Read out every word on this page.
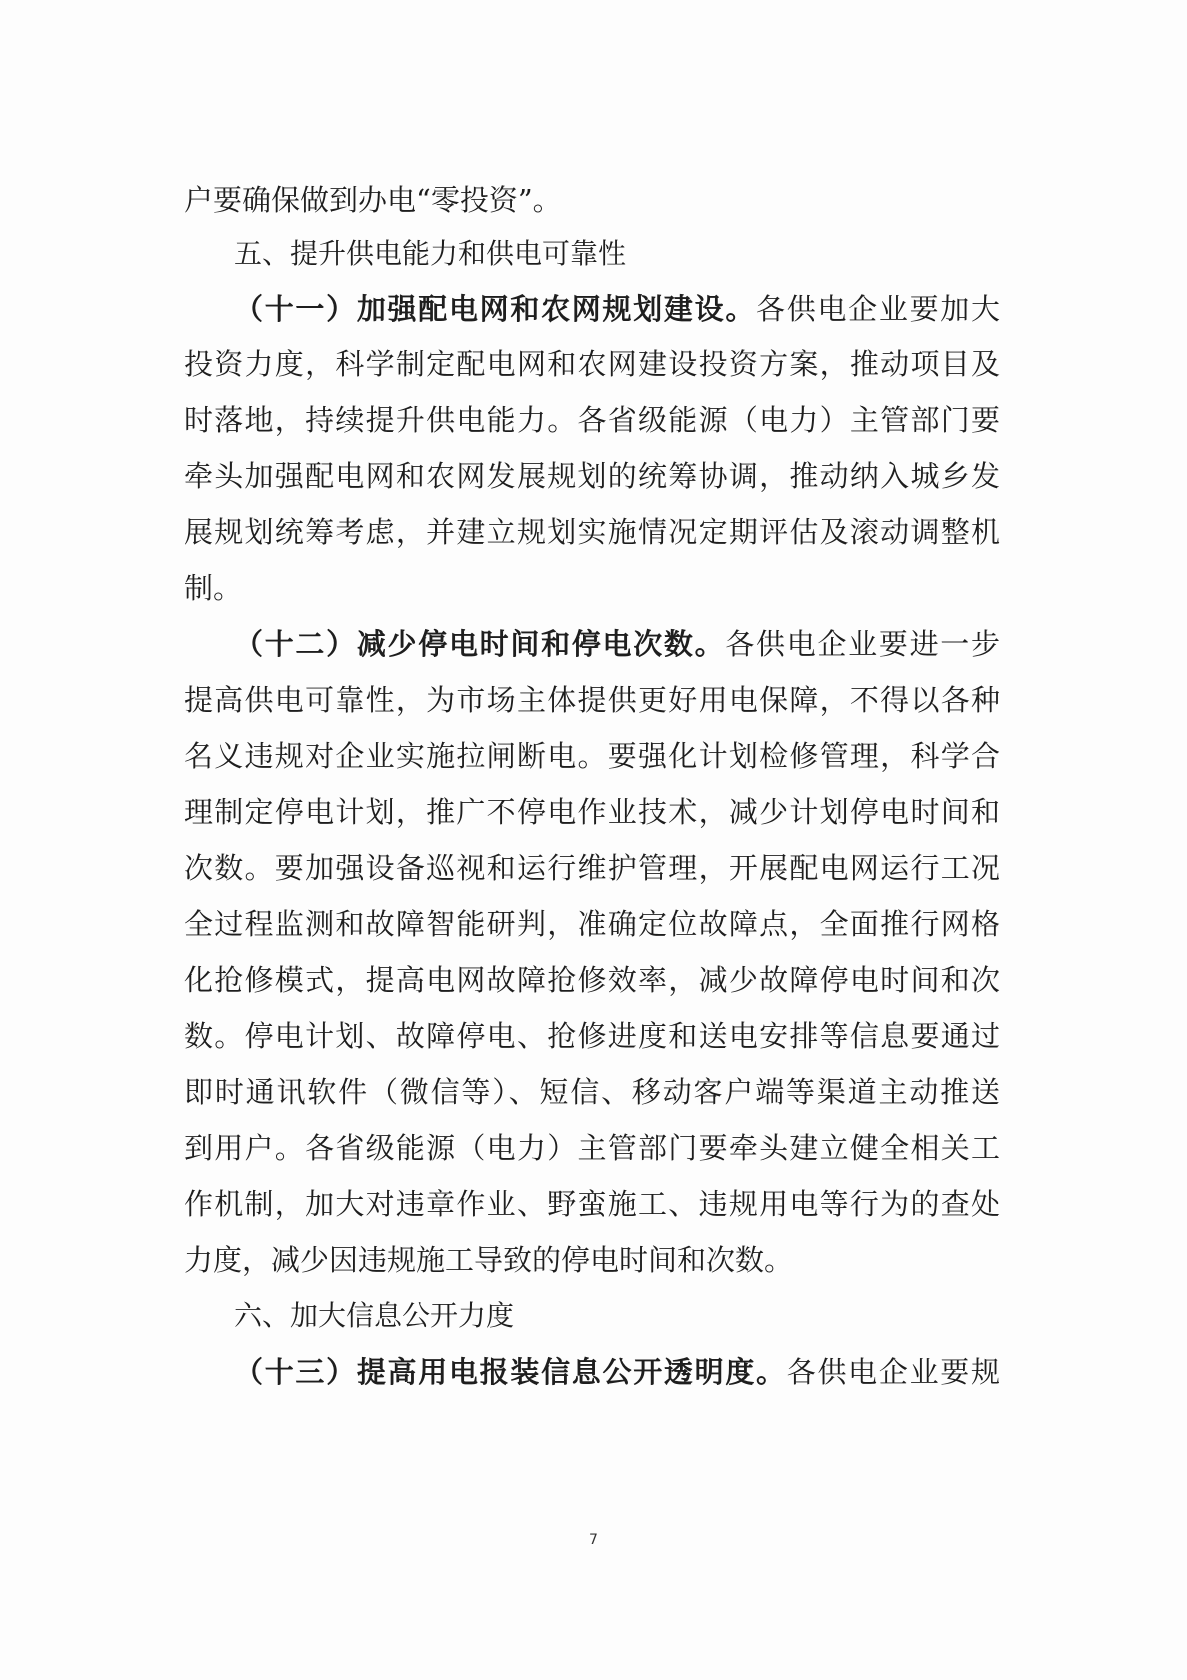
户要确保做到办电“零投资”。
五、提升供电能力和供电可靠性
（十一）加强配电网和农网规划建设。各供电企业要加大
投资力度，科学制定配电网和农网建设投资方案，推动项目及
时落地，持续提升供电能力。各省级能源（电力）主管部门要
牵头加强配电网和农网发展规划的统筹协调，推动纳入城乡发
展规划统筹考虑，并建立规划实施情况定期评估及滚动调整机
制。
（十二）减少停电时间和停电次数。各供电企业要进一步
提高供电可靠性，为市场主体提供更好用电保障，不得以各种
名义违规对企业实施拉闸断电。要强化计划检修管理，科学合
理制定停电计划，推广不停电作业技术，减少计划停电时间和
次数。要加强设备巡视和运行维护管理，开展配电网运行工况
全过程监测和故障智能研判，准确定位故障点，全面推行网格
化抢修模式，提高电网故障抢修效率，减少故障停电时间和次
数。停电计划、故障停电、抢修进度和送电安排等信息要通过
即时通讯软件（微信等）、短信、移动客户端等渠道主动推送
到用户。各省级能源（电力）主管部门要牵头建立健全相关工
作机制，加大对违章作业、野蛮施工、违规用电等行为的查处
力度，减少因违规施工导致的停电时间和次数。
六、加大信息公开力度
（十三）提高用电报装信息公开透明度。各供电企业要规
7
